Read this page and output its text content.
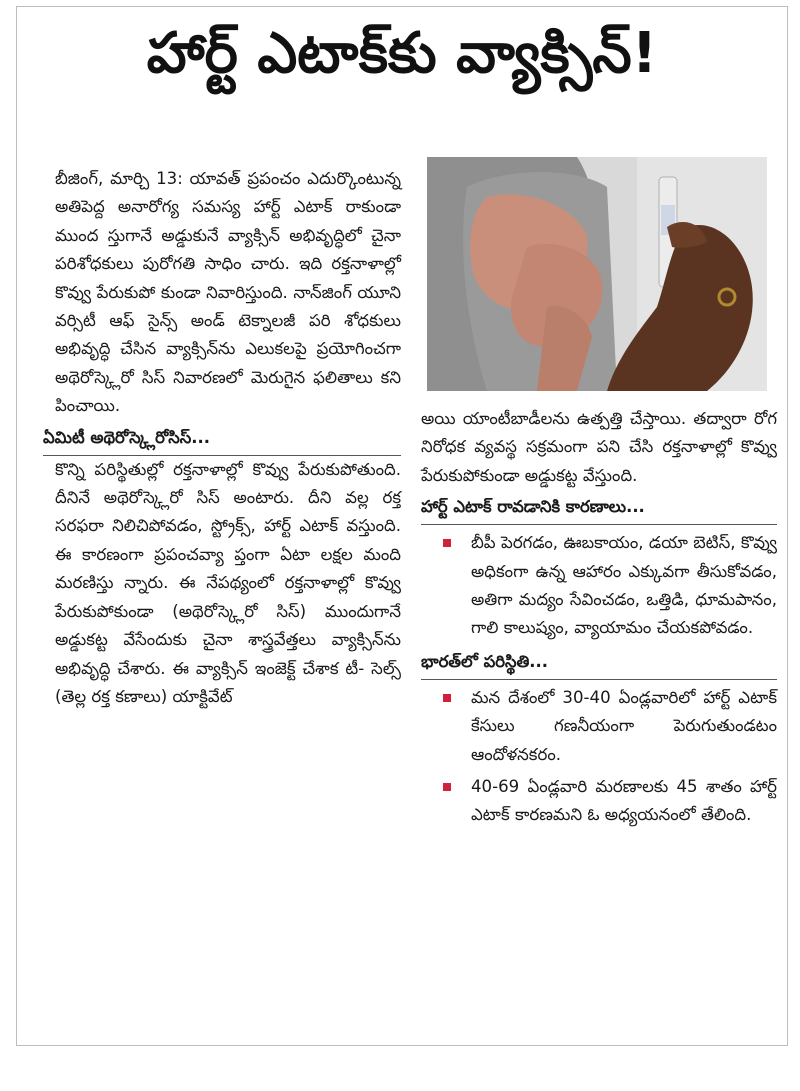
హార్ట్ ఎటాక్‌కు వ్యాక్సిన్!

బీజింగ్, మార్చి 13: యావత్ ప్రపంచం ఎదుర్కొంటున్న అతిపెద్ద అనారోగ్య సమస్య హార్ట్ ఎటాక్ రాకుండా ముంద స్తుగానే అడ్డుకునే వ్యాక్సిన్ అభివృద్ధిలో చైనా పరిశోధకులు పురోగతి సాధిం చారు. ఇది రక్తనాళాల్లో కొవ్వు పేరుకుపో కుండా నివారిస్తుంది. నాన్‌జింగ్ యూని వర్సిటీ ఆఫ్ సైన్స్ అండ్ టెక్నాలజీ పరి శోధకులు అభివృద్ధి చేసిన వ్యాక్సిన్‌ను ఎలుకలపై ప్రయోగించగా అథెరోస్క్లెరో సిస్ నివారణలో మెరుగైన ఫలితాలు కని పించాయి.

ఏమిటీ అథెరోస్క్లెరోసిస్...

కొన్ని పరిస్థితుల్లో రక్తనాళాల్లో కొవ్వు పేరుకుపోతుంది. దీనినే అథెరోస్క్లెరో సిస్ అంటారు. దీని వల్ల రక్త సరఫరా నిలిచిపోవడం, స్ట్రోక్స్, హార్ట్ ఎటాక్ వస్తుంది. ఈ కారణంగా ప్రపంచవ్యా ప్తంగా ఏటా లక్షల మంది మరణిస్తు న్నారు. ఈ నేపథ్యంలో రక్తనాళాల్లో కొవ్వు పేరుకుపోకుండా (అథెరోస్క్లెరో సిస్) ముందుగానే అడ్డుకట్ట వేసేందుకు చైనా శాస్త్రవేత్తలు వ్యాక్సిన్‌ను అభివృద్ధి చేశారు. ఈ వ్యాక్సిన్ ఇంజెక్ట్ చేశాక టీ- సెల్స్ (తెల్ల రక్త కణాలు) యాక్టివేట్

అయి యాంటీబాడీలను ఉత్పత్తి చేస్తాయి. తద్వారా రోగ నిరోధక వ్యవస్థ సక్రమంగా పని చేసి రక్తనాళాల్లో కొవ్వు పేరుకుపోకుండా అడ్డుకట్ట వేస్తుంది.

హార్ట్ ఎటాక్ రావడానికి కారణాలు...
బీపీ పెరగడం, ఊబకాయం, డయా బెటిస్, కొవ్వు అధికంగా ఉన్న ఆహారం ఎక్కువగా తీసుకోవడం, అతిగా మద్యం సేవించడం, ఒత్తిడి, ధూమపానం, గాలి కాలుష్యం, వ్యాయామం చేయకపోవడం.
భారత్‌లో పరిస్థితి...
మన దేశంలో 30-40 ఏండ్లవారిలో హార్ట్ ఎటాక్ కేసులు గణనీయంగా పెరుగుతుండటం ఆందోళనకరం.
40-69 ఏండ్లవారి మరణాలకు 45 శాతం హార్ట్ ఎటాక్ కారణమని ఓ అధ్యయనంలో తేలింది.
